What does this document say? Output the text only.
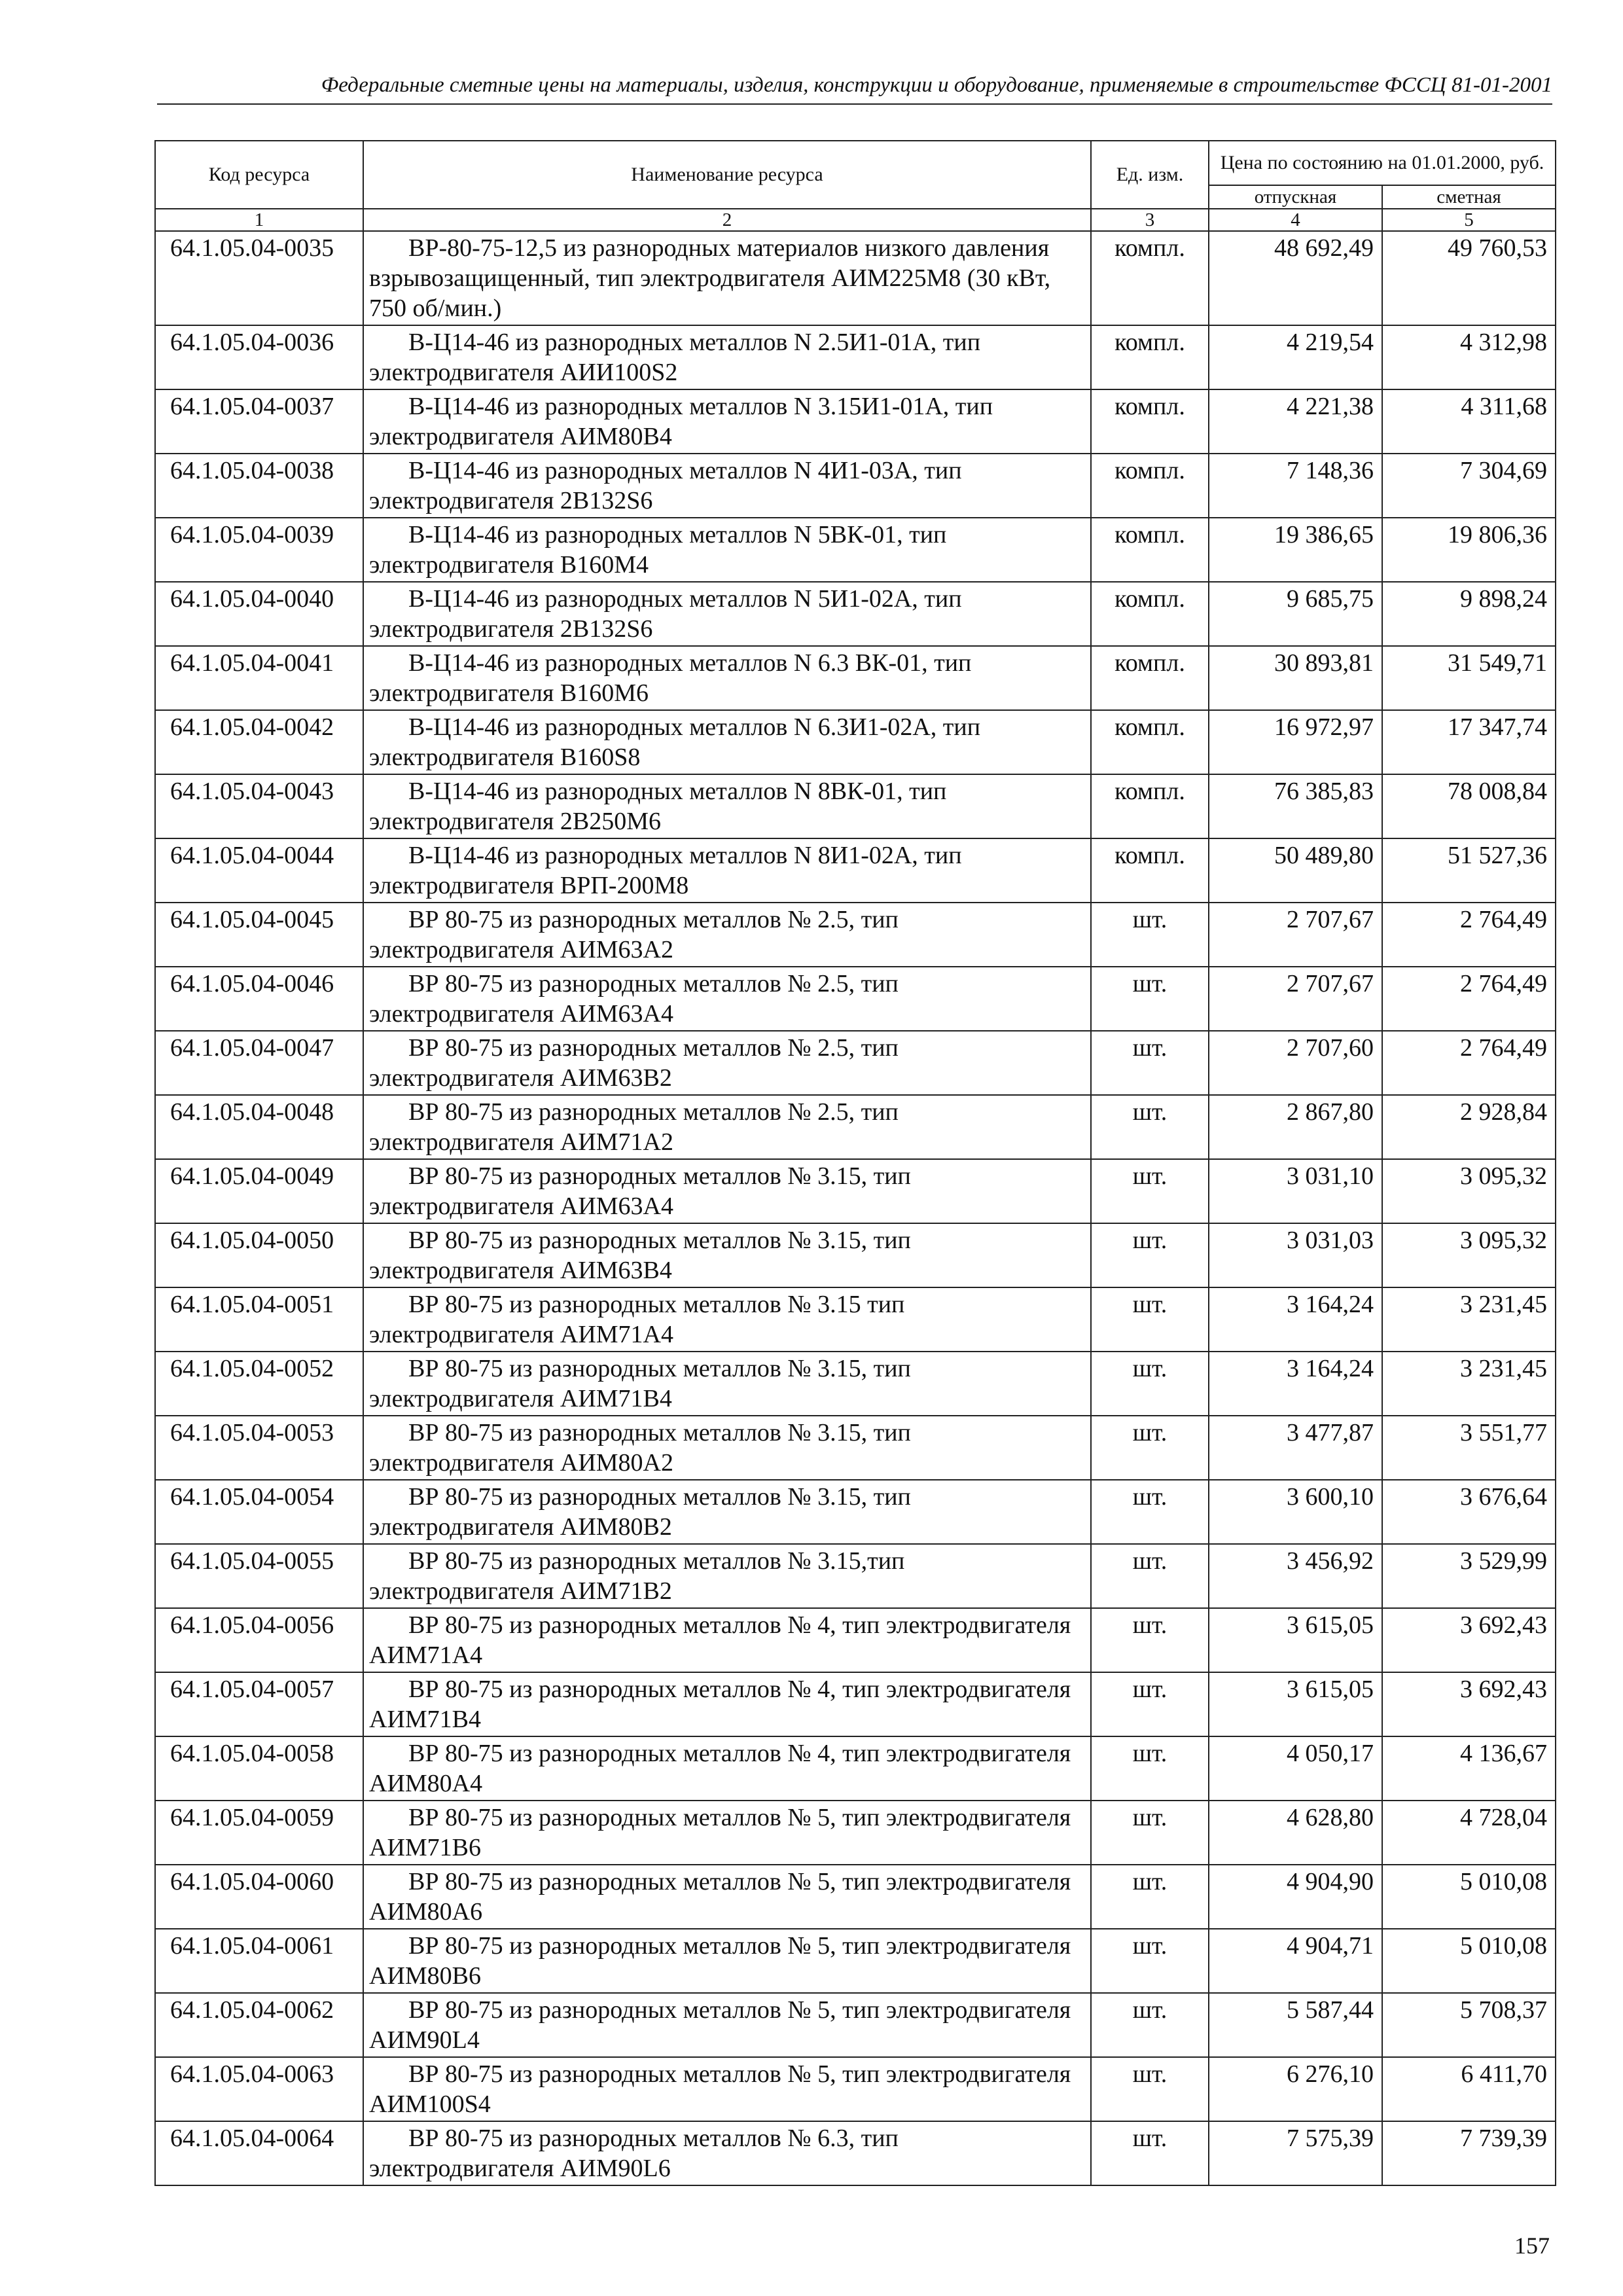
Федеральные сметные цены на материалы, изделия, конструкции и оборудование, применяемые в строительстве ФССЦ 81-01-2001
Код ресурса	Наименование ресурса	Ед. изм.	Цена по состоянию на 01.01.2000, руб.	
			отпускная	сметная
1	2	3	4	5
64.1.05.04-0035	ВР-80-75-12,5 из разнородных материалов низкого давления взрывозащищенный, тип электродвигателя АИМ225М8 (30 кВт, 750 об/мин.)	компл.	48 692,49	49 760,53
64.1.05.04-0036	В-Ц14-46 из разнородных металлов N 2.5И1-01А, тип электродвигателя АИИ100S2	компл.	4 219,54	4 312,98
64.1.05.04-0037	В-Ц14-46 из разнородных металлов N 3.15И1-01А, тип электродвигателя АИМ80В4	компл.	4 221,38	4 311,68
64.1.05.04-0038	В-Ц14-46 из разнородных металлов N 4И1-03А, тип электродвигателя 2В132S6	компл.	7 148,36	7 304,69
64.1.05.04-0039	В-Ц14-46 из разнородных металлов N 5ВК-01, тип электродвигателя В160М4	компл.	19 386,65	19 806,36
64.1.05.04-0040	В-Ц14-46 из разнородных металлов N 5И1-02А, тип электродвигателя 2В132S6	компл.	9 685,75	9 898,24
64.1.05.04-0041	В-Ц14-46 из разнородных металлов N 6.3 ВК-01, тип электродвигателя В160М6	компл.	30 893,81	31 549,71
64.1.05.04-0042	В-Ц14-46 из разнородных металлов N 6.3И1-02А, тип электродвигателя В160S8	компл.	16 972,97	17 347,74
64.1.05.04-0043	В-Ц14-46 из разнородных металлов N 8ВК-01, тип электродвигателя 2В250М6	компл.	76 385,83	78 008,84
64.1.05.04-0044	В-Ц14-46 из разнородных металлов N 8И1-02А, тип электродвигателя ВРП-200М8	компл.	50 489,80	51 527,36
64.1.05.04-0045	ВР 80-75 из разнородных металлов № 2.5, тип электродвигателя АИМ63А2	шт.	2 707,67	2 764,49
64.1.05.04-0046	ВР 80-75 из разнородных металлов № 2.5, тип электродвигателя АИМ63А4	шт.	2 707,67	2 764,49
64.1.05.04-0047	ВР 80-75 из разнородных металлов № 2.5, тип электродвигателя АИМ63В2	шт.	2 707,60	2 764,49
64.1.05.04-0048	ВР 80-75 из разнородных металлов № 2.5, тип электродвигателя АИМ71А2	шт.	2 867,80	2 928,84
64.1.05.04-0049	ВР 80-75 из разнородных металлов № 3.15, тип электродвигателя АИМ63А4	шт.	3 031,10	3 095,32
64.1.05.04-0050	ВР 80-75 из разнородных металлов № 3.15, тип электродвигателя АИМ63В4	шт.	3 031,03	3 095,32
64.1.05.04-0051	ВР 80-75 из разнородных металлов № 3.15 тип электродвигателя АИМ71А4	шт.	3 164,24	3 231,45
64.1.05.04-0052	ВР 80-75 из разнородных металлов № 3.15, тип электродвигателя АИМ71В4	шт.	3 164,24	3 231,45
64.1.05.04-0053	ВР 80-75 из разнородных металлов № 3.15, тип электродвигателя АИМ80А2	шт.	3 477,87	3 551,77
64.1.05.04-0054	ВР 80-75 из разнородных металлов № 3.15, тип электродвигателя АИМ80В2	шт.	3 600,10	3 676,64
64.1.05.04-0055	ВР 80-75 из разнородных металлов № 3.15,тип электродвигателя АИМ71В2	шт.	3 456,92	3 529,99
64.1.05.04-0056	ВР 80-75 из разнородных металлов № 4, тип электродвигателя АИМ71А4	шт.	3 615,05	3 692,43
64.1.05.04-0057	ВР 80-75 из разнородных металлов № 4, тип электродвигателя АИМ71В4	шт.	3 615,05	3 692,43
64.1.05.04-0058	ВР 80-75 из разнородных металлов № 4, тип электродвигателя АИМ80А4	шт.	4 050,17	4 136,67
64.1.05.04-0059	ВР 80-75 из разнородных металлов № 5, тип электродвигателя АИМ71В6	шт.	4 628,80	4 728,04
64.1.05.04-0060	ВР 80-75 из разнородных металлов № 5, тип электродвигателя АИМ80А6	шт.	4 904,90	5 010,08
64.1.05.04-0061	ВР 80-75 из разнородных металлов № 5, тип электродвигателя АИМ80В6	шт.	4 904,71	5 010,08
64.1.05.04-0062	ВР 80-75 из разнородных металлов № 5, тип электродвигателя АИМ90L4	шт.	5 587,44	5 708,37
64.1.05.04-0063	ВР 80-75 из разнородных металлов № 5, тип электродвигателя АИМ100S4	шт.	6 276,10	6 411,70
64.1.05.04-0064	ВР 80-75 из разнородных металлов № 6.3, тип электродвигателя АИМ90L6	шт.	7 575,39	7 739,39
157
